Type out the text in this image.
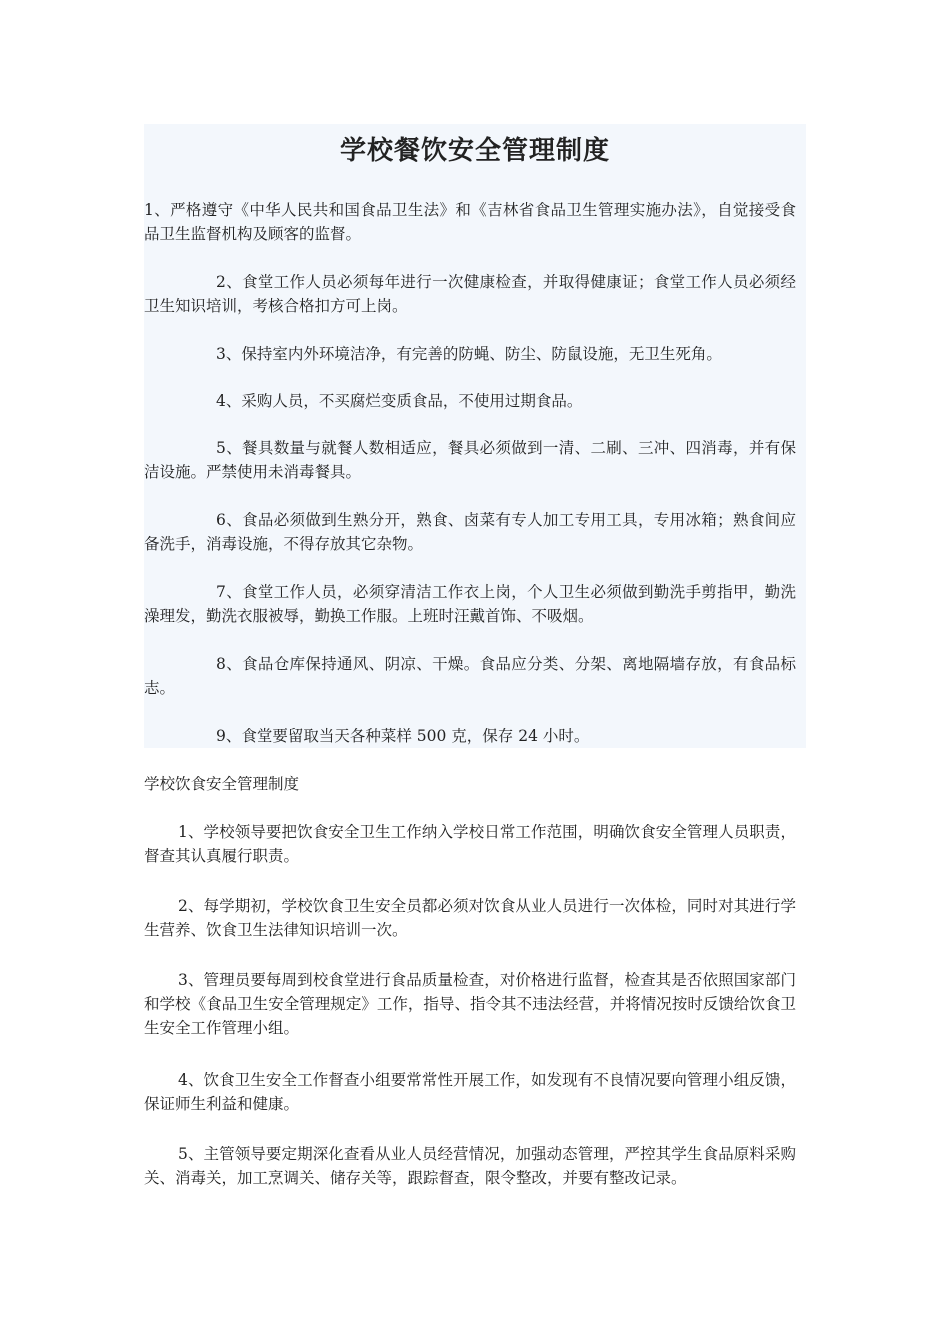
学校餐饮安全管理制度

1、严格遵守《中华人民共和国食品卫生法》和《吉林省食品卫生管理实施办法》，自觉接受食品卫生监督机构及顾客的监督。

2、食堂工作人员必须每年进行一次健康检查，并取得健康证；食堂工作人员必须经卫生知识培训，考核合格扣方可上岗。

3、保持室内外环境洁净，有完善的防蝇、防尘、防鼠设施，无卫生死角。

4、采购人员，不买腐烂变质食品，不使用过期食品。

5、餐具数量与就餐人数相适应，餐具必须做到一清、二刷、三冲、四消毒，并有保洁设施。严禁使用未消毒餐具。

6、食品必须做到生熟分开，熟食、卤菜有专人加工专用工具，专用冰箱；熟食间应备洗手，消毒设施，不得存放其它杂物。

7、食堂工作人员，必须穿清洁工作衣上岗，个人卫生必须做到勤洗手剪指甲，勤洗澡理发，勤洗衣服被辱，勤换工作服。上班时汪戴首饰、不吸烟。

8、食品仓库保持通风、阴凉、干燥。食品应分类、分架、离地隔墙存放，有食品标志。

9、食堂要留取当天各种菜样 500 克，保存 24 小时。

学校饮食安全管理制度

1、学校领导要把饮食安全卫生工作纳入学校日常工作范围，明确饮食安全管理人员职责，督查其认真履行职责。

2、每学期初，学校饮食卫生安全员都必须对饮食从业人员进行一次体检，同时对其进行学生营养、饮食卫生法律知识培训一次。

3、管理员要每周到校食堂进行食品质量检查，对价格进行监督，检查其是否依照国家部门和学校《食品卫生安全管理规定》工作，指导、指令其不违法经营，并将情况按时反馈给饮食卫生安全工作管理小组。

4、饮食卫生安全工作督查小组要常常性开展工作，如发现有不良情况要向管理小组反馈，保证师生利益和健康。

5、主管领导要定期深化查看从业人员经营情况，加强动态管理，严控其学生食品原料采购关、消毒关，加工烹调关、储存关等，跟踪督查，限令整改，并要有整改记录。
